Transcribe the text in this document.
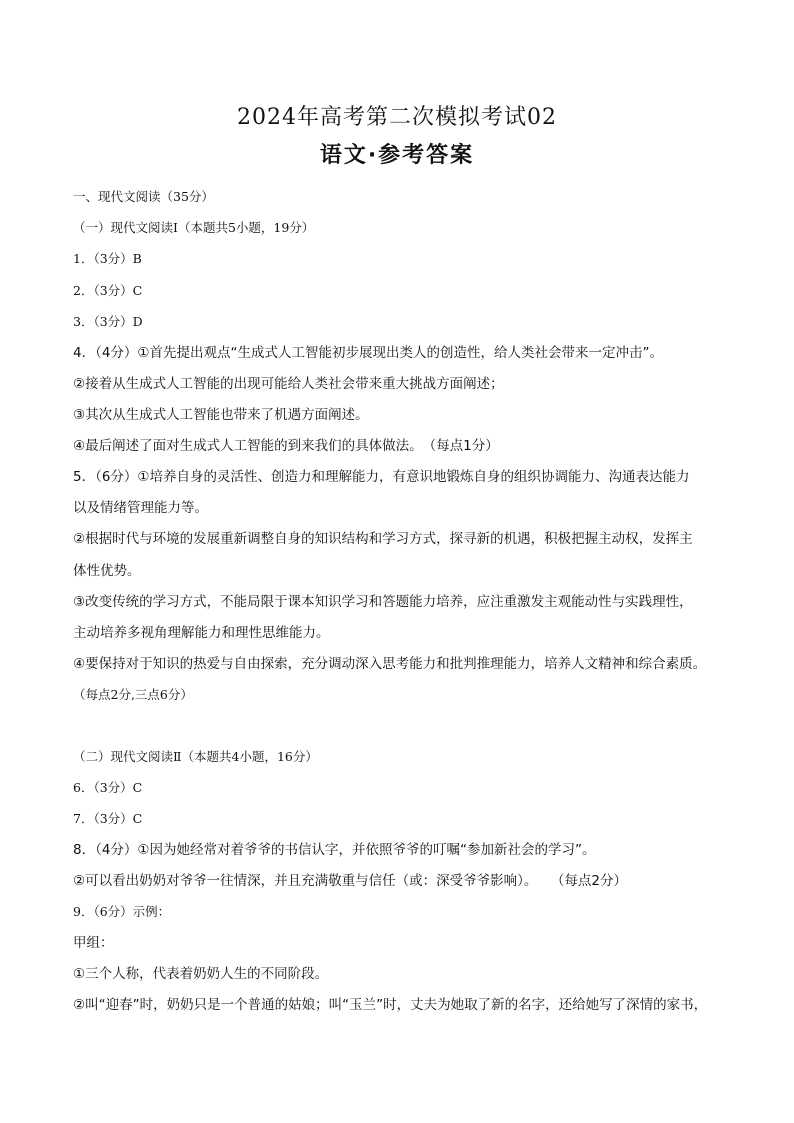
2024年高考第二次模拟考试02
语文·参考答案
一、现代文阅读（35分）
（一）现代文阅读Ⅰ（本题共5小题，19分）
1．（3分）B
2．（3分）C
3．（3分）D
4．（4分）①首先提出观点“生成式人工智能初步展现出类人的创造性，给人类社会带来一定冲击”。
②接着从生成式人工智能的出现可能给人类社会带来重大挑战方面阐述；
③其次从生成式人工智能也带来了机遇方面阐述。
④最后阐述了面对生成式人工智能的到来我们的具体做法。　（每点1分）
5．（6分）①培养自身的灵活性、创造力和理解能力，有意识地锻炼自身的组织协调能力、沟通表达能力
以及情绪管理能力等。
②根据时代与环境的发展重新调整自身的知识结构和学习方式，探寻新的机遇，积极把握主动权，发挥主
体性优势。
③改变传统的学习方式，不能局限于课本知识学习和答题能力培养，应注重激发主观能动性与实践理性，
主动培养多视角理解能力和理性思维能力。
④要保持对于知识的热爱与自由探索，充分调动深入思考能力和批判推理能力，培养人文精神和综合素质。
（每点2分,三点6分）
（二）现代文阅读Ⅱ（本题共4小题，16分）
6．（3分）C
7．（3分）C
8．（4分）①因为她经常对着爷爷的书信认字，并依照爷爷的叮嘱“参加新社会的学习”。
②可以看出奶奶对爷爷一往情深，并且充满敬重与信任（或：深受爷爷影响）。　　（每点2分）
9．（6分）示例：
甲组：
①三个人称，代表着奶奶人生的不同阶段。
②叫“迎春”时，奶奶只是一个普通的姑娘；叫“玉兰”时，丈夫为她取了新的名字，还给她写了深情的家书，
